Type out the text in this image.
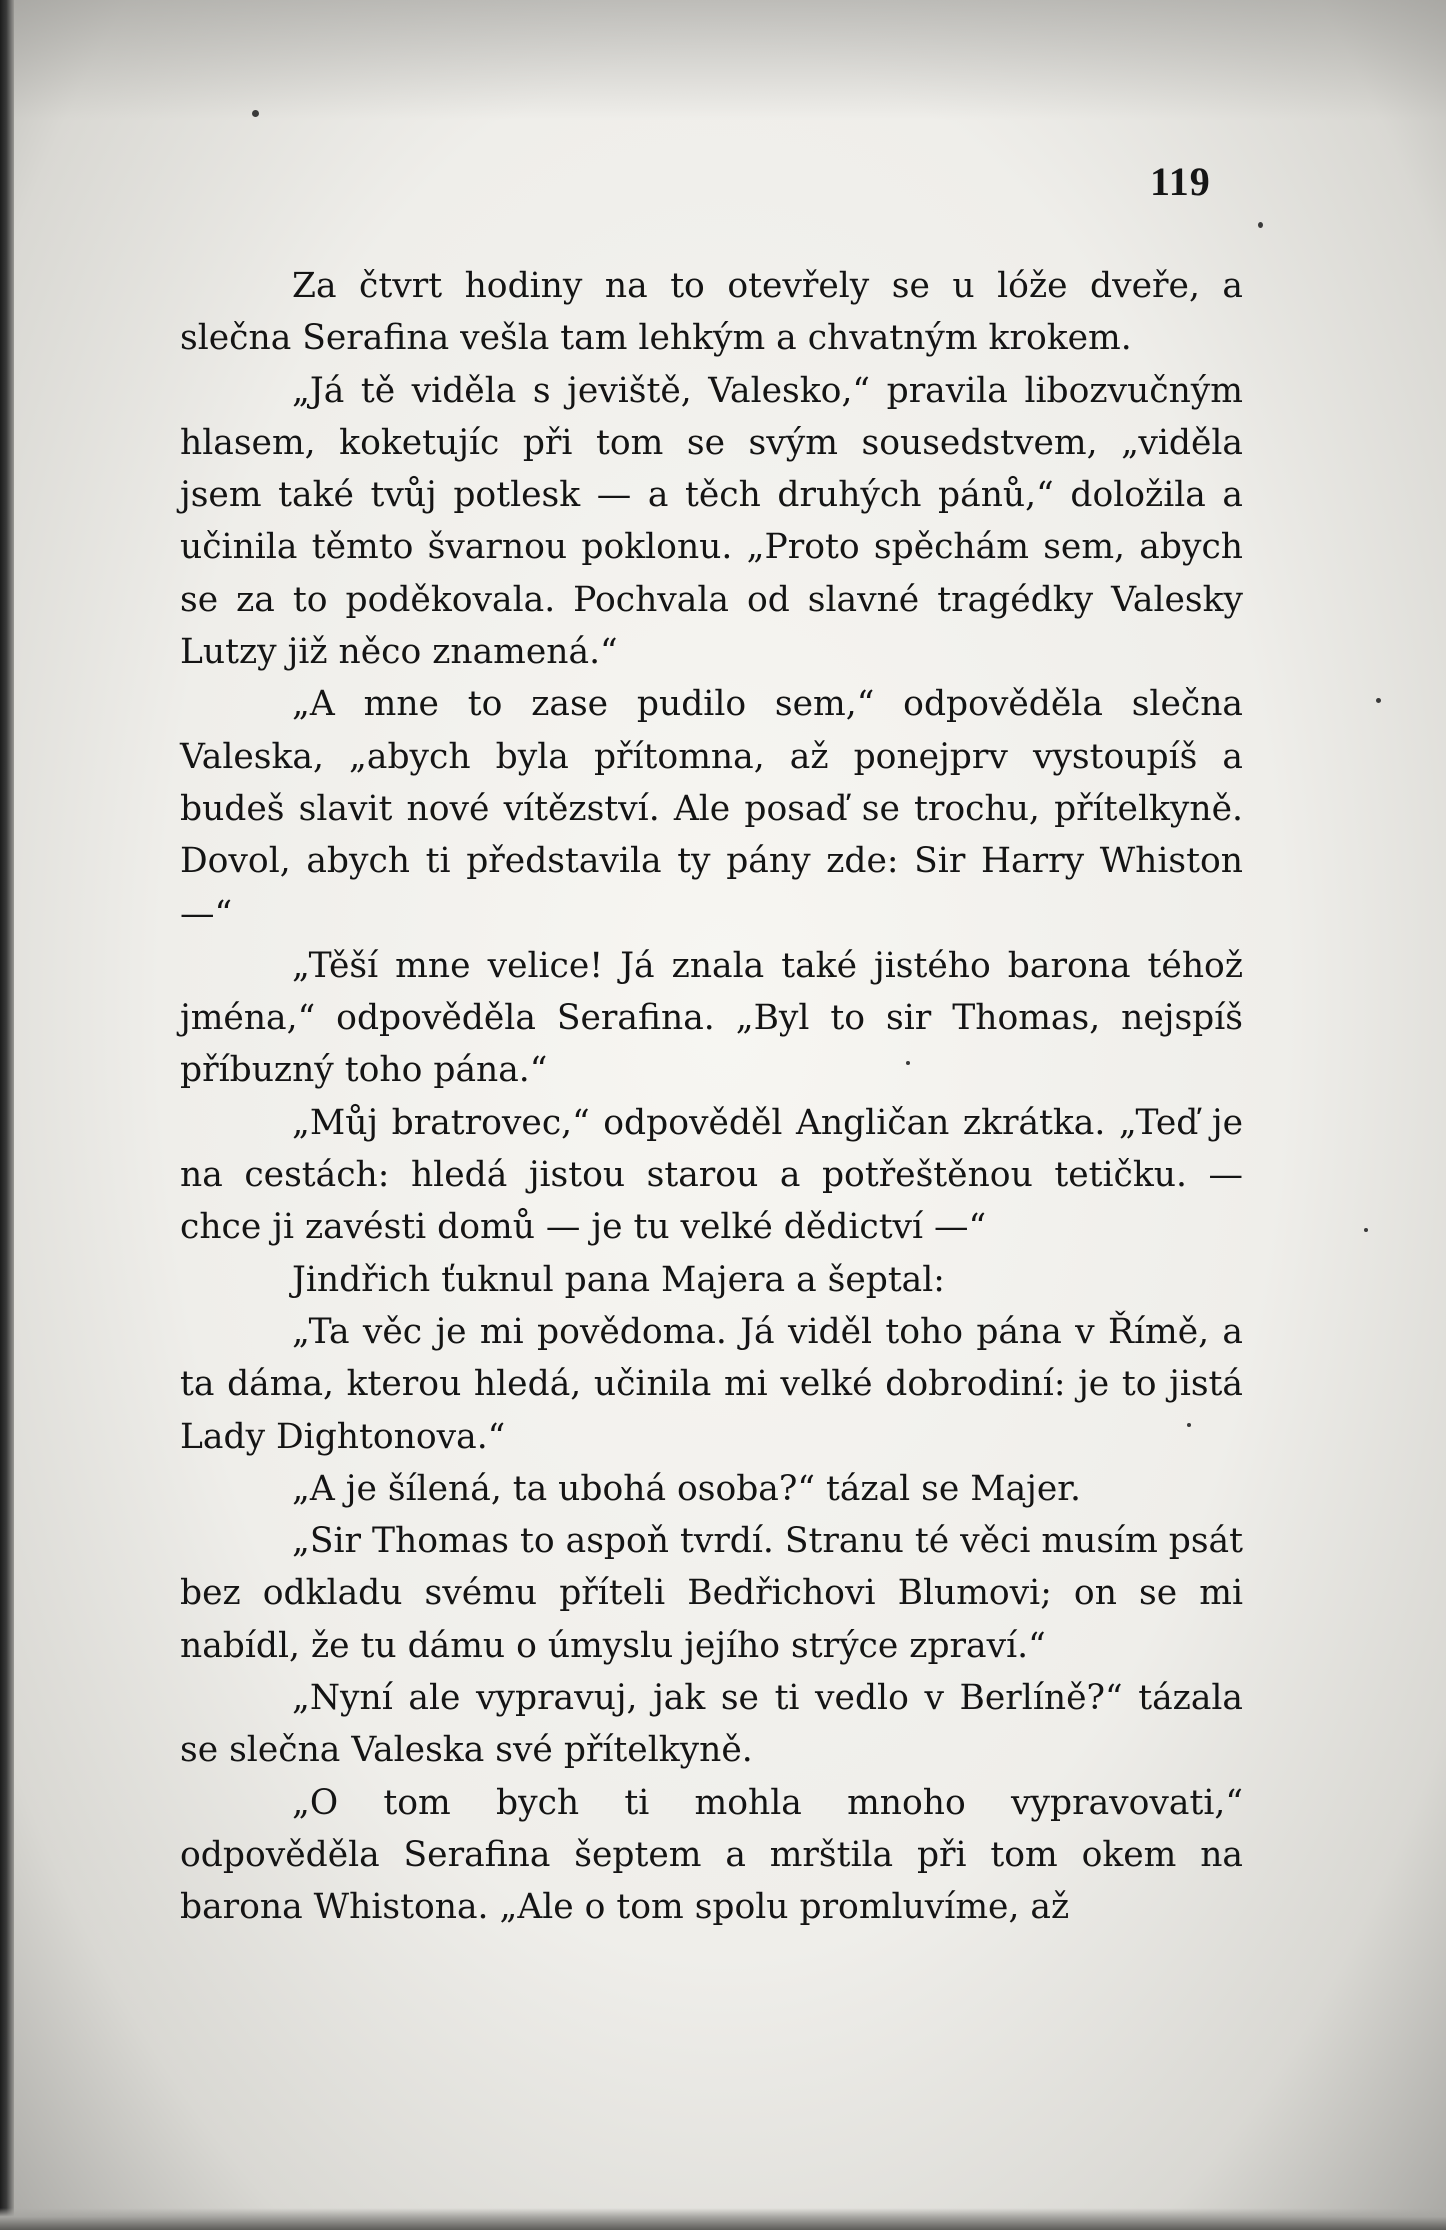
119

Za čtvrt hodiny na to otevřely se u lóže dveře, a slečna Serafina vešla tam lehkým a chvatným krokem.

„Já tě viděla s jeviště, Valesko,“ pravila libozvučným hlasem, koketujíc při tom se svým sousedstvem, „viděla jsem také tvůj potlesk — a těch druhých pánů,“ doložila a učinila těmto švarnou poklonu. „Proto spěchám sem, abych se za to poděkovala. Pochvala od slavné tragédky Valesky Lutzy již něco znamená.“

„A mne to zase pudilo sem,“ odpověděla slečna Valeska, „abych byla přítomna, až ponejprv vystoupíš a budeš slavit nové vítězství. Ale posaď se trochu, přítelkyně. Dovol, abych ti představila ty pány zde: Sir Harry Whiston —“

„Těší mne velice! Já znala také jistého barona téhož jména,“ odpověděla Serafina. „Byl to sir Thomas, nejspíš příbuzný toho pána.“

„Můj bratrovec,“ odpověděl Angličan zkrátka. „Teď je na cestách: hledá jistou starou a potřeštěnou tetičku. — chce ji zavésti domů — je tu velké dědictví —“

Jindřich ťuknul pana Majera a šeptal:

„Ta věc je mi povědoma. Já viděl toho pána v Římě, a ta dáma, kterou hledá, učinila mi velké dobrodiní: je to jistá Lady Dightonova.“

„A je šílená, ta ubohá osoba?“ tázal se Majer.

„Sir Thomas to aspoň tvrdí. Stranu té věci musím psát bez odkladu svému příteli Bedřichovi Blumovi; on se mi nabídl, že tu dámu o úmyslu jejího strýce zpraví.“

„Nyní ale vypravuj, jak se ti vedlo v Berlíně?“ tázala se slečna Valeska své přítelkyně.

„O tom bych ti mohla mnoho vypravovati,“ odpověděla Serafina šeptem a mrštila při tom okem na barona Whistona. „Ale o tom spolu promluvíme, až
